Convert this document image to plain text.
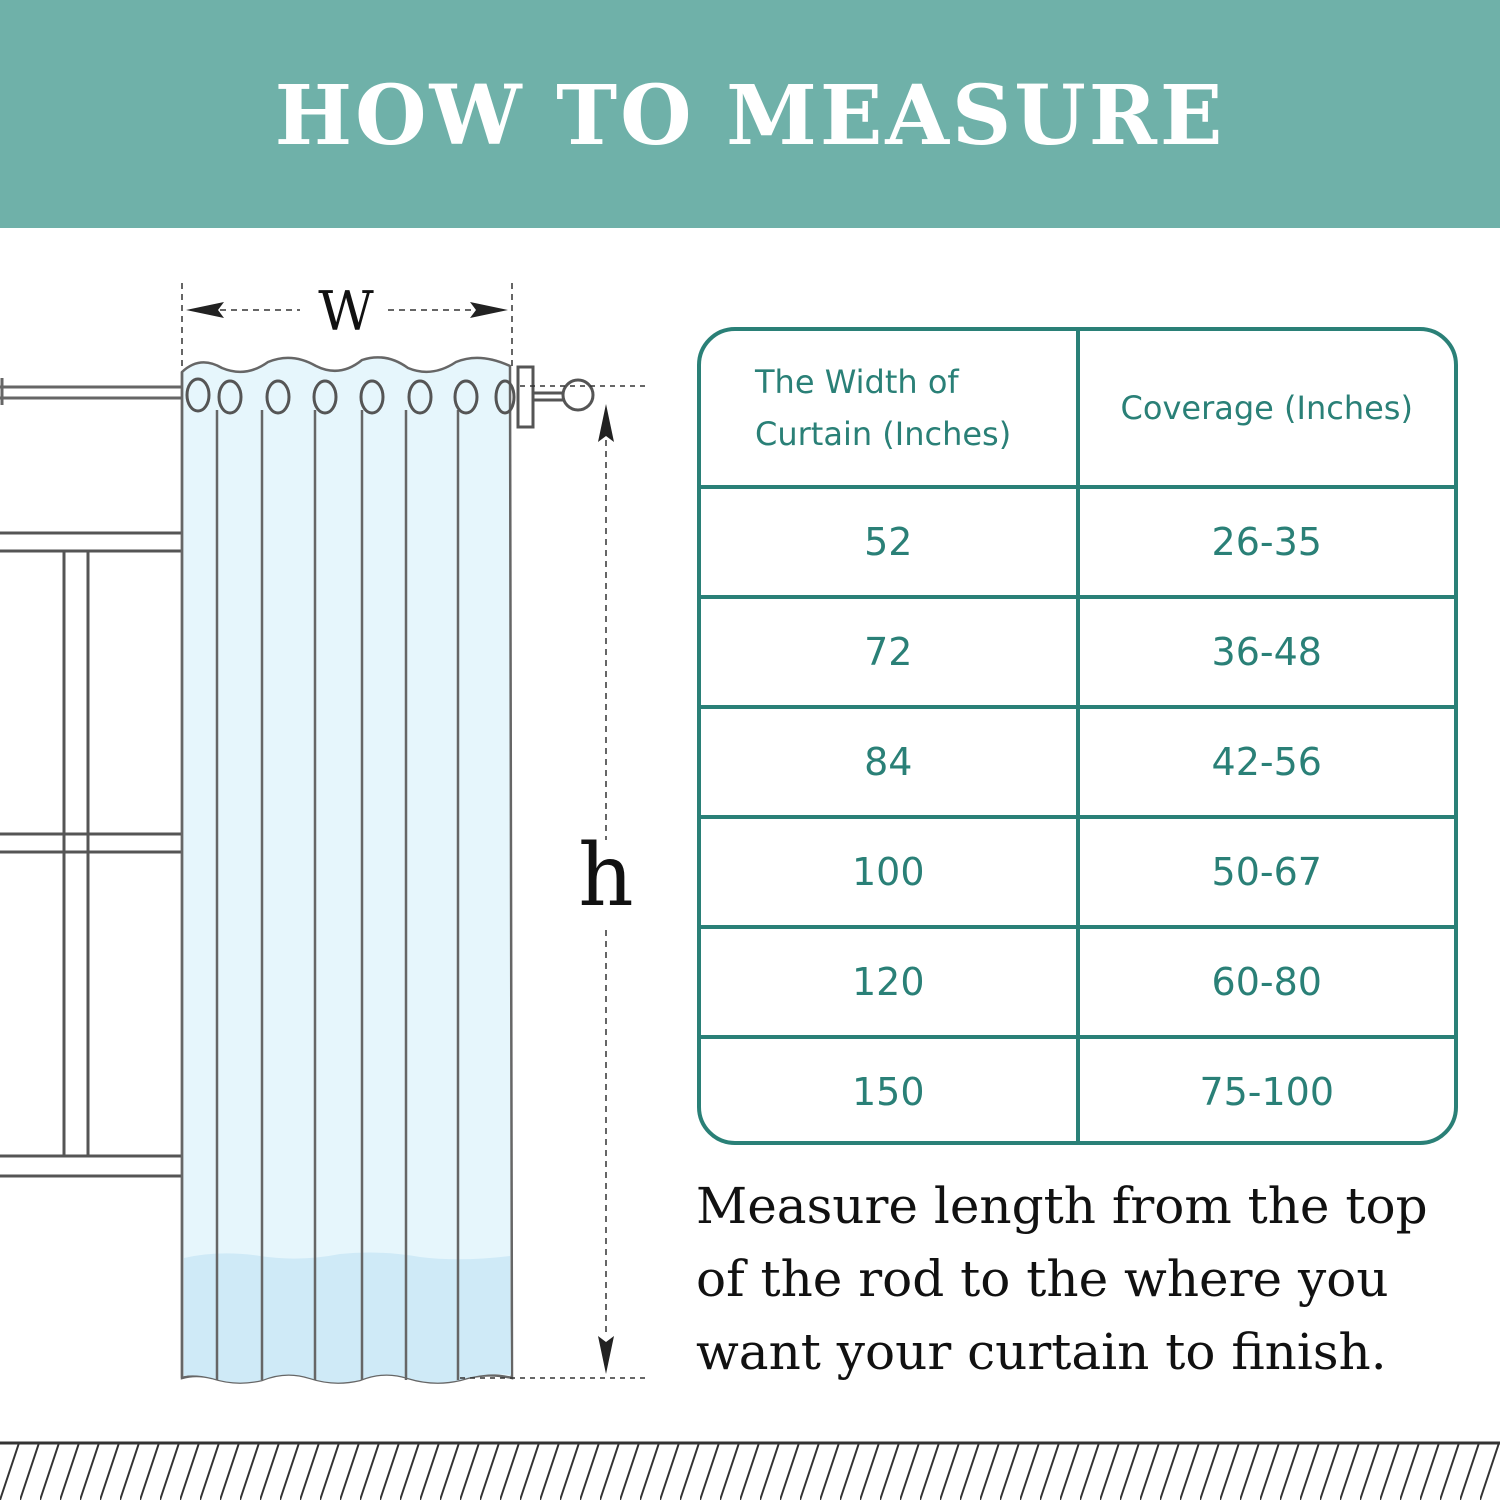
HOW TO MEASURE
W
h
The Width of Curtain (Inches)	Coverage (Inches)
52	26-35
72	36-48
84	42-56
100	50-67
120	60-80
150	75-100
Measure length from the top of the rod to the where you want your curtain to finish.
